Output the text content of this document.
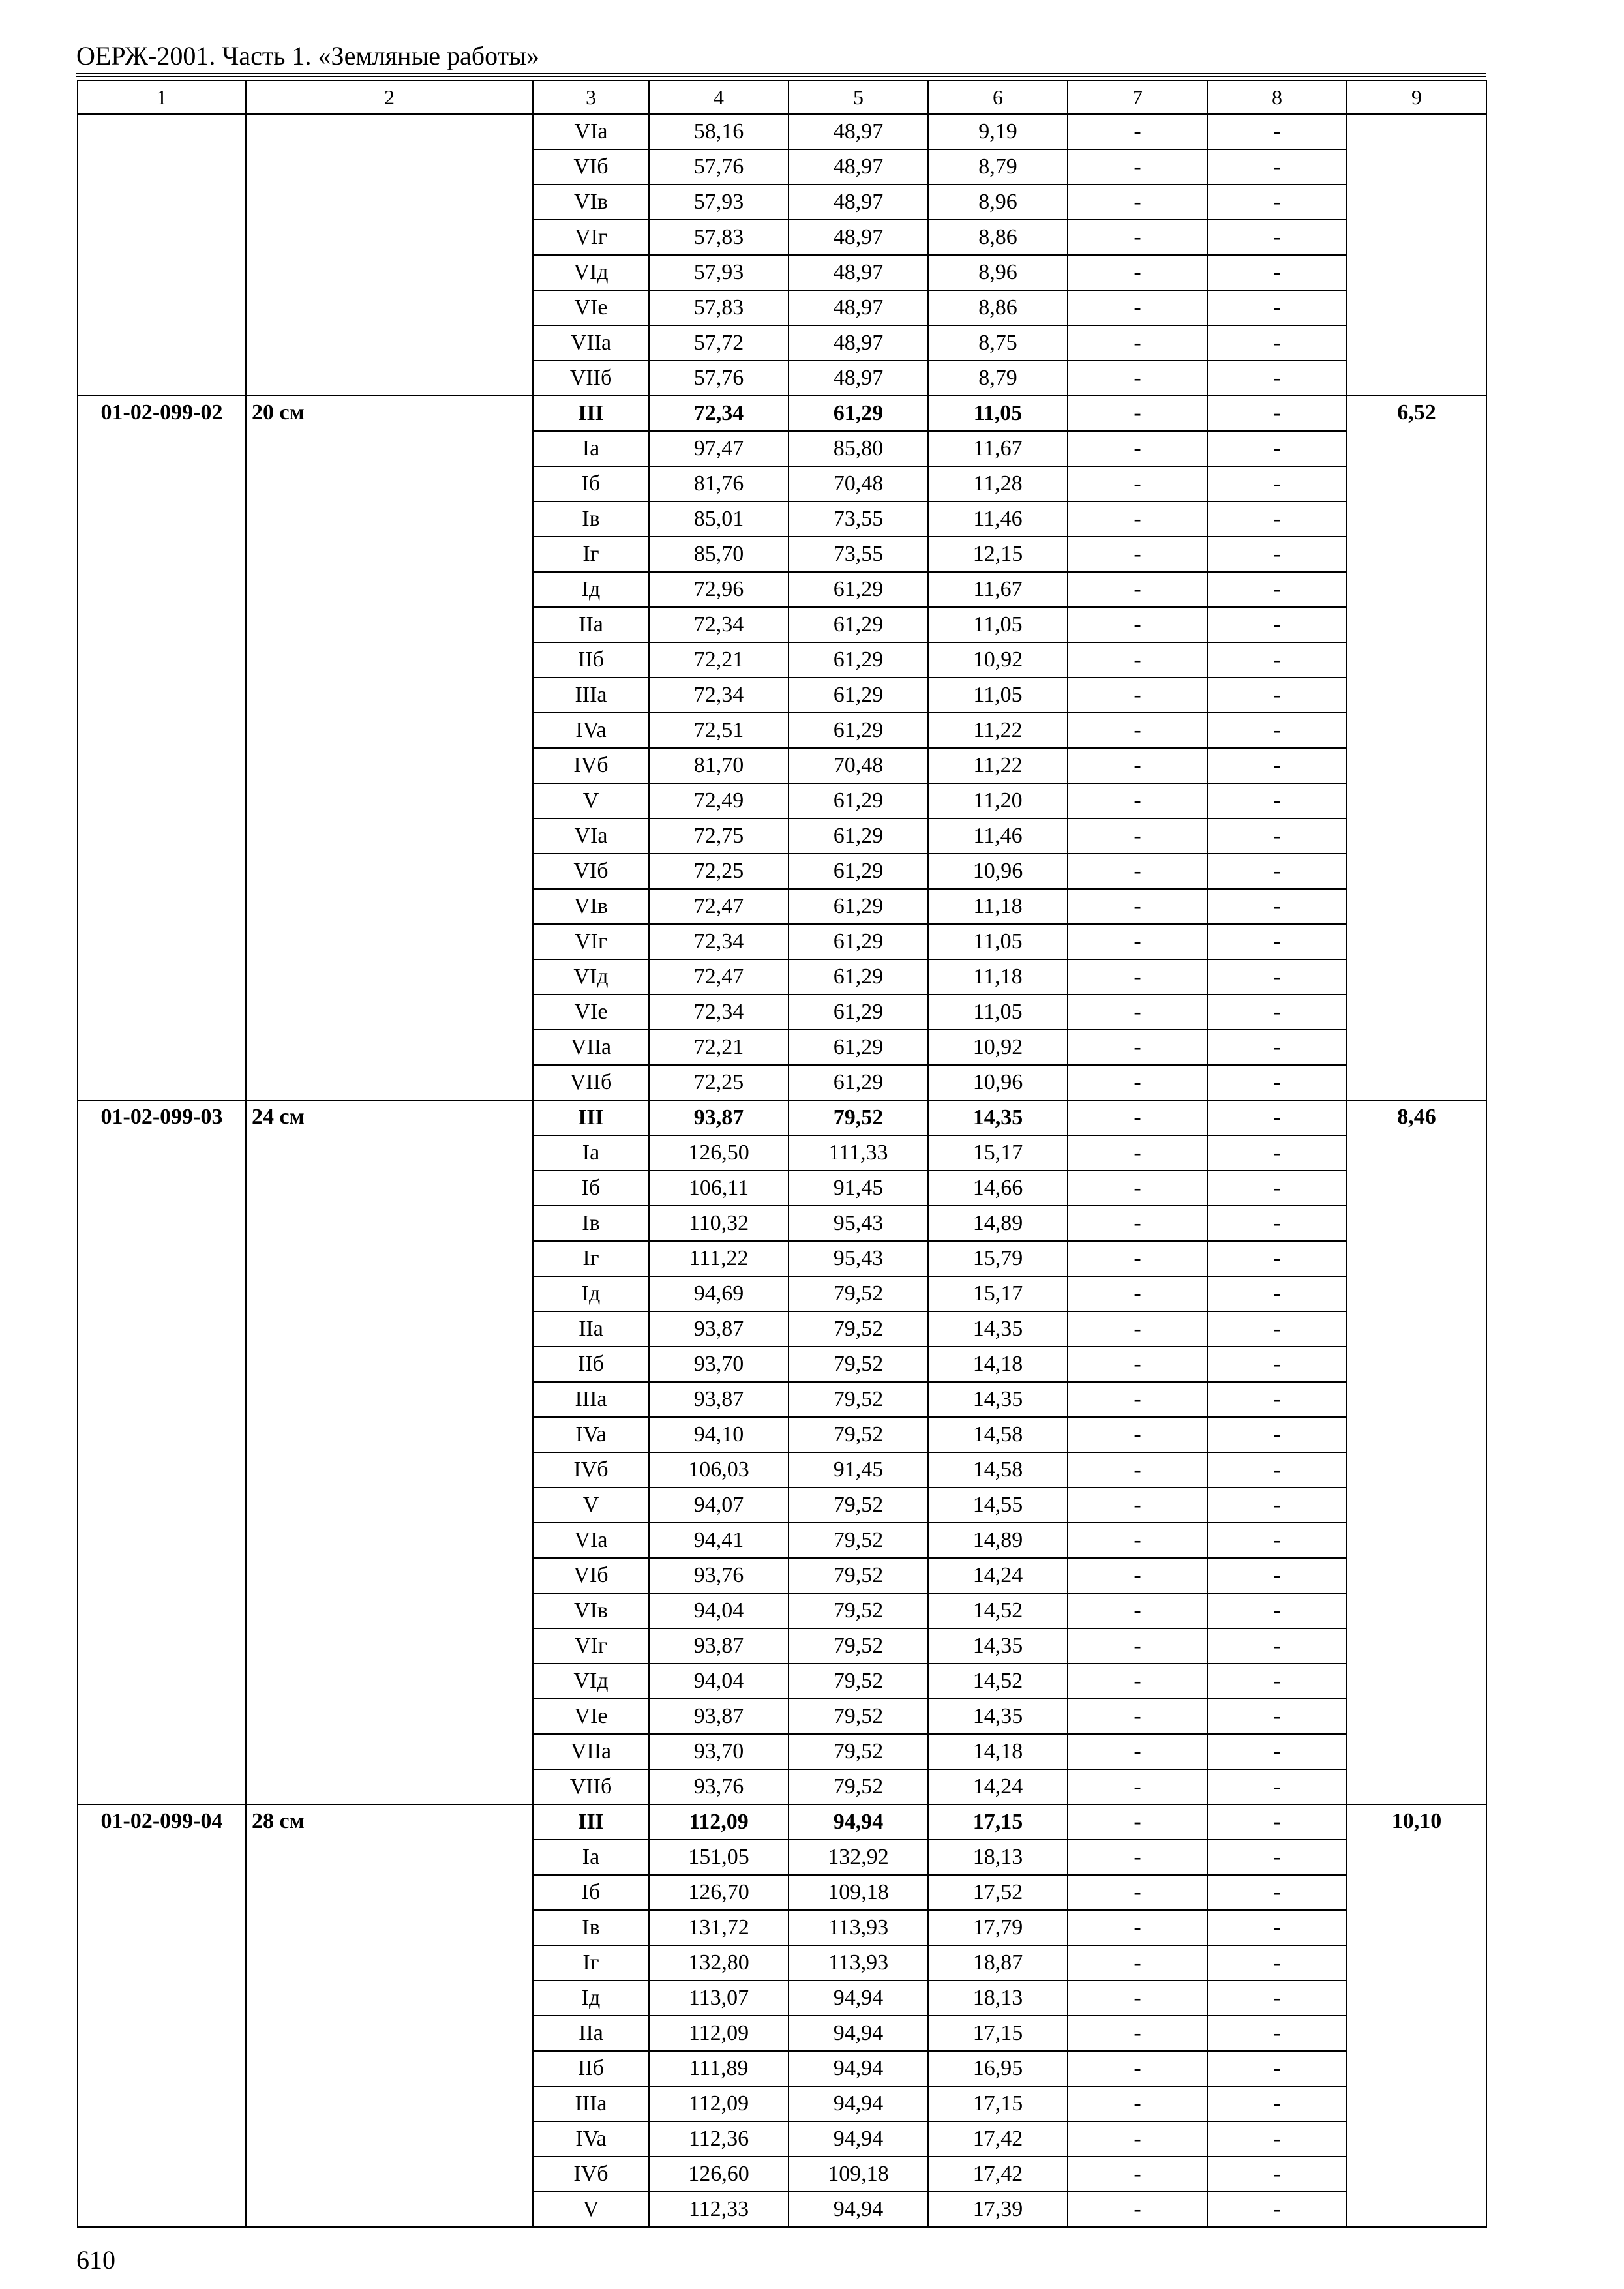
ОЕРЖ-2001. Часть 1. «Земляные работы»
1	2	3	4	5	6	7	8	9
		VIa	58,16	48,97	9,19	-	-	
		VIб	57,76	48,97	8,79	-	-	
		VIв	57,93	48,97	8,96	-	-	
		VIг	57,83	48,97	8,86	-	-	
		VIд	57,93	48,97	8,96	-	-	
		VIe	57,83	48,97	8,86	-	-	
		VIIa	57,72	48,97	8,75	-	-	
		VIIб	57,76	48,97	8,79	-	-	
01-02-099-02	20 см	III	72,34	61,29	11,05	-	-	6,52
		Ia	97,47	85,80	11,67	-	-	
		Iб	81,76	70,48	11,28	-	-	
		Iв	85,01	73,55	11,46	-	-	
		Iг	85,70	73,55	12,15	-	-	
		Iд	72,96	61,29	11,67	-	-	
		IIa	72,34	61,29	11,05	-	-	
		IIб	72,21	61,29	10,92	-	-	
		IIIa	72,34	61,29	11,05	-	-	
		IVa	72,51	61,29	11,22	-	-	
		IVб	81,70	70,48	11,22	-	-	
		V	72,49	61,29	11,20	-	-	
		VIa	72,75	61,29	11,46	-	-	
		VIб	72,25	61,29	10,96	-	-	
		VIв	72,47	61,29	11,18	-	-	
		VIг	72,34	61,29	11,05	-	-	
		VIд	72,47	61,29	11,18	-	-	
		VIe	72,34	61,29	11,05	-	-	
		VIIa	72,21	61,29	10,92	-	-	
		VIIб	72,25	61,29	10,96	-	-	
01-02-099-03	24 см	III	93,87	79,52	14,35	-	-	8,46
		Ia	126,50	111,33	15,17	-	-	
		Iб	106,11	91,45	14,66	-	-	
		Iв	110,32	95,43	14,89	-	-	
		Iг	111,22	95,43	15,79	-	-	
		Iд	94,69	79,52	15,17	-	-	
		IIa	93,87	79,52	14,35	-	-	
		IIб	93,70	79,52	14,18	-	-	
		IIIa	93,87	79,52	14,35	-	-	
		IVa	94,10	79,52	14,58	-	-	
		IVб	106,03	91,45	14,58	-	-	
		V	94,07	79,52	14,55	-	-	
		VIa	94,41	79,52	14,89	-	-	
		VIб	93,76	79,52	14,24	-	-	
		VIв	94,04	79,52	14,52	-	-	
		VIг	93,87	79,52	14,35	-	-	
		VIд	94,04	79,52	14,52	-	-	
		VIe	93,87	79,52	14,35	-	-	
		VIIa	93,70	79,52	14,18	-	-	
		VIIб	93,76	79,52	14,24	-	-	
01-02-099-04	28 см	III	112,09	94,94	17,15	-	-	10,10
		Ia	151,05	132,92	18,13	-	-	
		Iб	126,70	109,18	17,52	-	-	
		Iв	131,72	113,93	17,79	-	-	
		Iг	132,80	113,93	18,87	-	-	
		Iд	113,07	94,94	18,13	-	-	
		IIa	112,09	94,94	17,15	-	-	
		IIб	111,89	94,94	16,95	-	-	
		IIIa	112,09	94,94	17,15	-	-	
		IVa	112,36	94,94	17,42	-	-	
		IVб	126,60	109,18	17,42	-	-	
		V	112,33	94,94	17,39	-	-	
610
